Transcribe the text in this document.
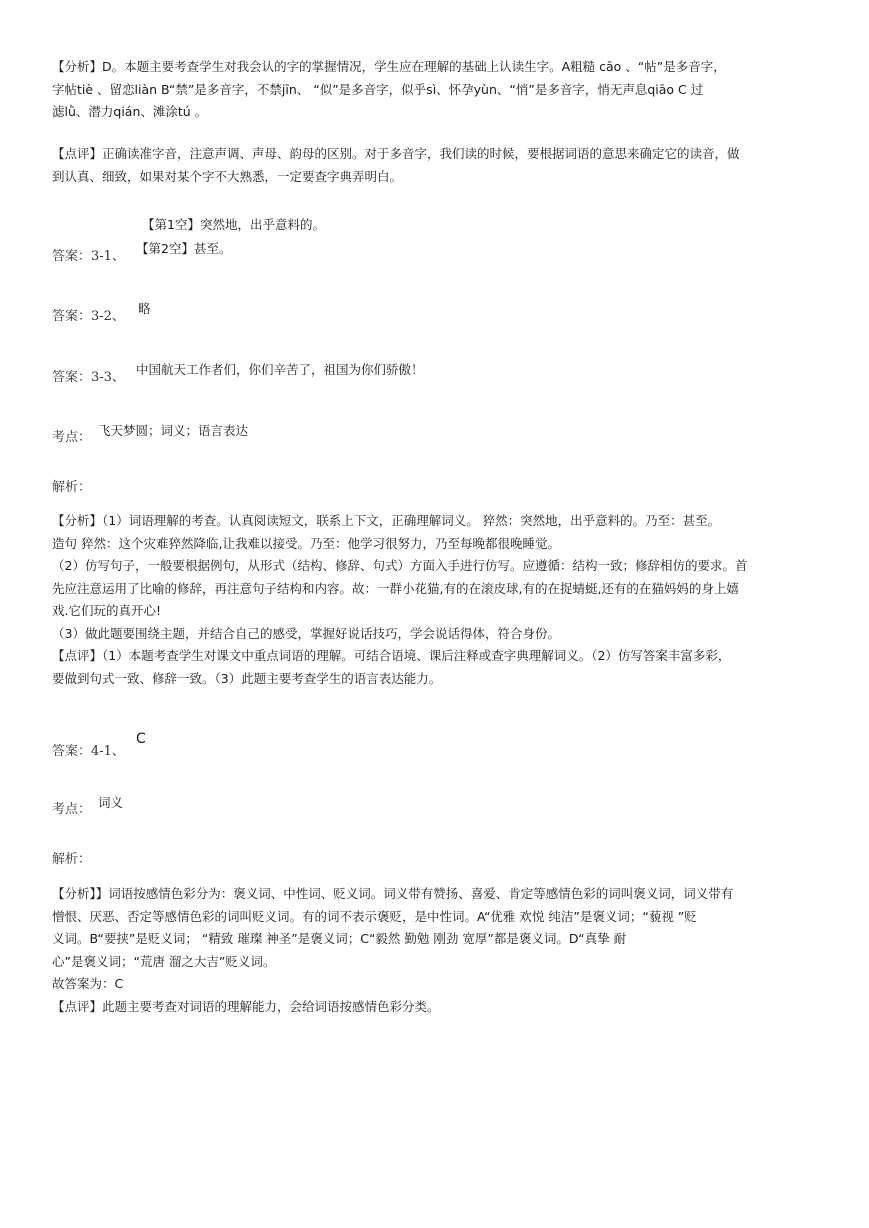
【分析】D。本题主要考查学生对我会认的字的掌握情况，学生应在理解的基础上认读生字。A粗糙 cāo 、“帖”是多音字，
字帖tiè 、留恋liàn B“禁”是多音字，不禁jīn、 “似”是多音字，似乎sì、怀孕yùn、“悄”是多音字，悄无声息qiāo C 过
滤lǜ、潜力qián、滩涂tú 。
【点评】正确读准字音，注意声调、声母、韵母的区别。对于多音字，我们读的时候，要根据词语的意思来确定它的读音，做
到认真、细致，如果对某个字不大熟悉，一定要查字典弄明白。
【第1空】突然地，出乎意料的。
答案：3-1、
【第2空】甚至。
答案：3-2、
略
答案：3-3、
中国航天工作者们，你们辛苦了，祖国为你们骄傲！
考点： 飞天梦圆；词义；语言表达
解析：
【分析】（1）词语理解的考查。认真阅读短文，联系上下文，正确理解词义。 猝然：突然地，出乎意料的。乃至：甚至。
造句 猝然：这个灾难猝然降临,让我难以接受。乃至：他学习很努力，乃至每晚都很晚睡觉。
（2）仿写句子，一般要根据例句，从形式（结构、修辞、句式）方面入手进行仿写。应遵循：结构一致；修辞相仿的要求。首
先应注意运用了比喻的修辞，再注意句子结构和内容。故：一群小花猫,有的在滚皮球,有的在捉蜻蜓,还有的在猫妈妈的身上嬉
戏.它们玩的真开心!
（3）做此题要围绕主题，并结合自己的感受，掌握好说话技巧，学会说话得体，符合身份。
【点评】（1）本题考查学生对课文中重点词语的理解。可结合语境、课后注释或查字典理解词义。（2）仿写答案丰富多彩，
要做到句式一致、修辞一致。（3）此题主要考查学生的语言表达能力。
答案：4-1、
C
考点： 词义
解析：
【分析】】词语按感情色彩分为：褒义词、中性词、贬义词。词义带有赞扬、喜爱、肯定等感情色彩的词叫褒义词，词义带有
憎恨、厌恶、否定等感情色彩的词叫贬义词。有的词不表示褒贬，是中性词。A“优雅 欢悦 纯洁”是褒义词；“藐视 ”贬
义词。B“要挟”是贬义词； “精致 璀璨 神圣”是褒义词；C“毅然 勤勉 刚劲 宽厚”都是褒义词。D“真挚 耐
心”是褒义词；“荒唐 溜之大吉”贬义词。
故答案为：C
【点评】此题主要考查对词语的理解能力，会给词语按感情色彩分类。
